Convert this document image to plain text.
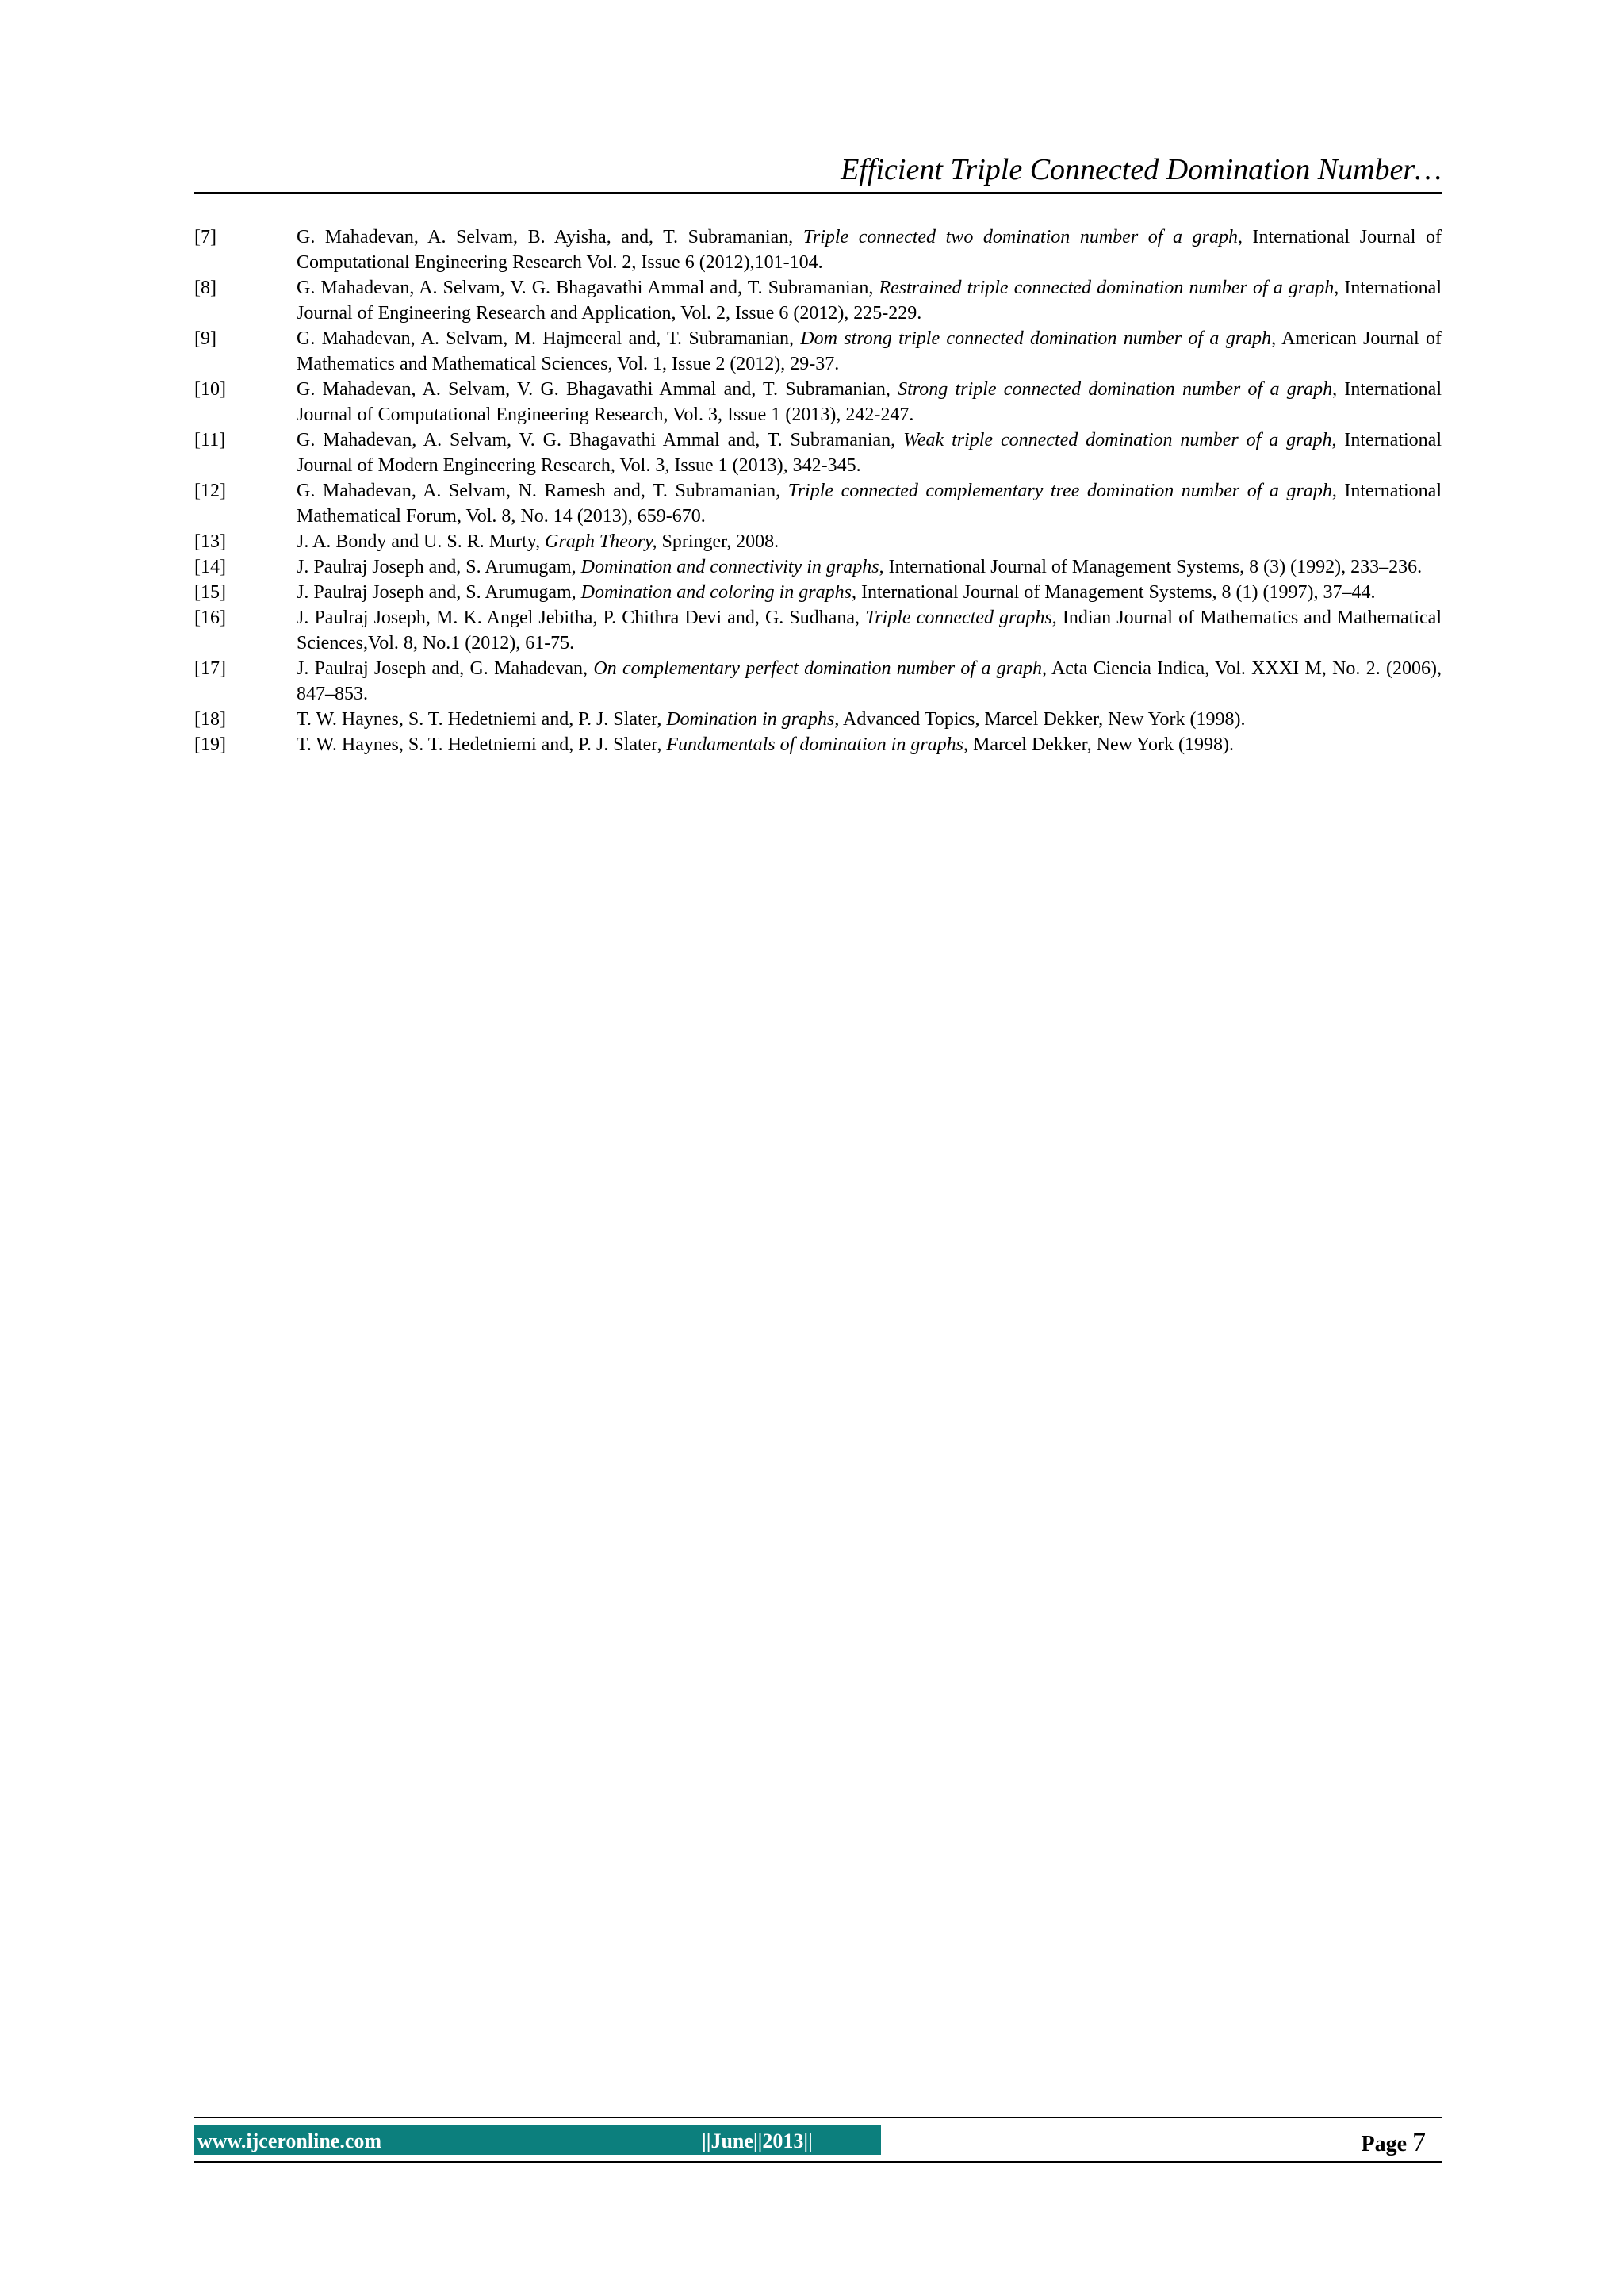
Efficient Triple Connected Domination Number…
[7]	G. Mahadevan, A. Selvam, B. Ayisha, and, T. Subramanian, Triple connected two domination number of a graph, International Journal of Computational Engineering Research Vol. 2, Issue 6 (2012),101-104.
[8]	G. Mahadevan, A. Selvam, V. G. Bhagavathi Ammal and, T. Subramanian, Restrained triple connected domination number of a graph, International Journal of Engineering Research and Application, Vol. 2, Issue 6 (2012), 225-229.
[9]	G. Mahadevan, A. Selvam, M. Hajmeeral and, T. Subramanian, Dom strong triple connected domination number of a graph, American Journal of Mathematics and Mathematical Sciences, Vol. 1, Issue 2 (2012), 29-37.
[10]	G. Mahadevan, A. Selvam, V. G. Bhagavathi Ammal and, T. Subramanian, Strong triple connected domination number of a graph, International Journal of Computational Engineering Research, Vol. 3, Issue 1 (2013), 242-247.
[11]	G. Mahadevan, A. Selvam, V. G. Bhagavathi Ammal and, T. Subramanian, Weak triple connected domination number of a graph, International Journal of Modern Engineering Research, Vol. 3, Issue 1 (2013), 342-345.
[12]	G. Mahadevan, A. Selvam, N. Ramesh and, T. Subramanian, Triple connected complementary tree domination number of a graph, International Mathematical Forum, Vol. 8, No. 14 (2013), 659-670.
[13]	J. A. Bondy and U. S. R. Murty, Graph Theory, Springer, 2008.
[14]	J. Paulraj Joseph and, S. Arumugam, Domination and connectivity in graphs, International Journal of Management Systems, 8 (3) (1992), 233–236.
[15]	J. Paulraj Joseph and, S. Arumugam, Domination and coloring in graphs, International Journal of Management Systems, 8 (1) (1997), 37–44.
[16]	J. Paulraj Joseph, M. K. Angel Jebitha, P. Chithra Devi and, G. Sudhana, Triple connected graphs, Indian Journal of Mathematics and Mathematical Sciences,Vol. 8, No.1 (2012), 61-75.
[17]	J. Paulraj Joseph and, G. Mahadevan, On complementary perfect domination number of a graph, Acta Ciencia Indica, Vol. XXXI M, No. 2. (2006), 847–853.
[18]	T. W. Haynes, S. T. Hedetniemi and, P. J. Slater, Domination in graphs, Advanced Topics, Marcel Dekker, New York (1998).
[19]	T. W. Haynes, S. T. Hedetniemi and, P. J. Slater, Fundamentals of domination in graphs, Marcel Dekker, New York (1998).
www.ijceronline.com	||June||2013||	Page 7
